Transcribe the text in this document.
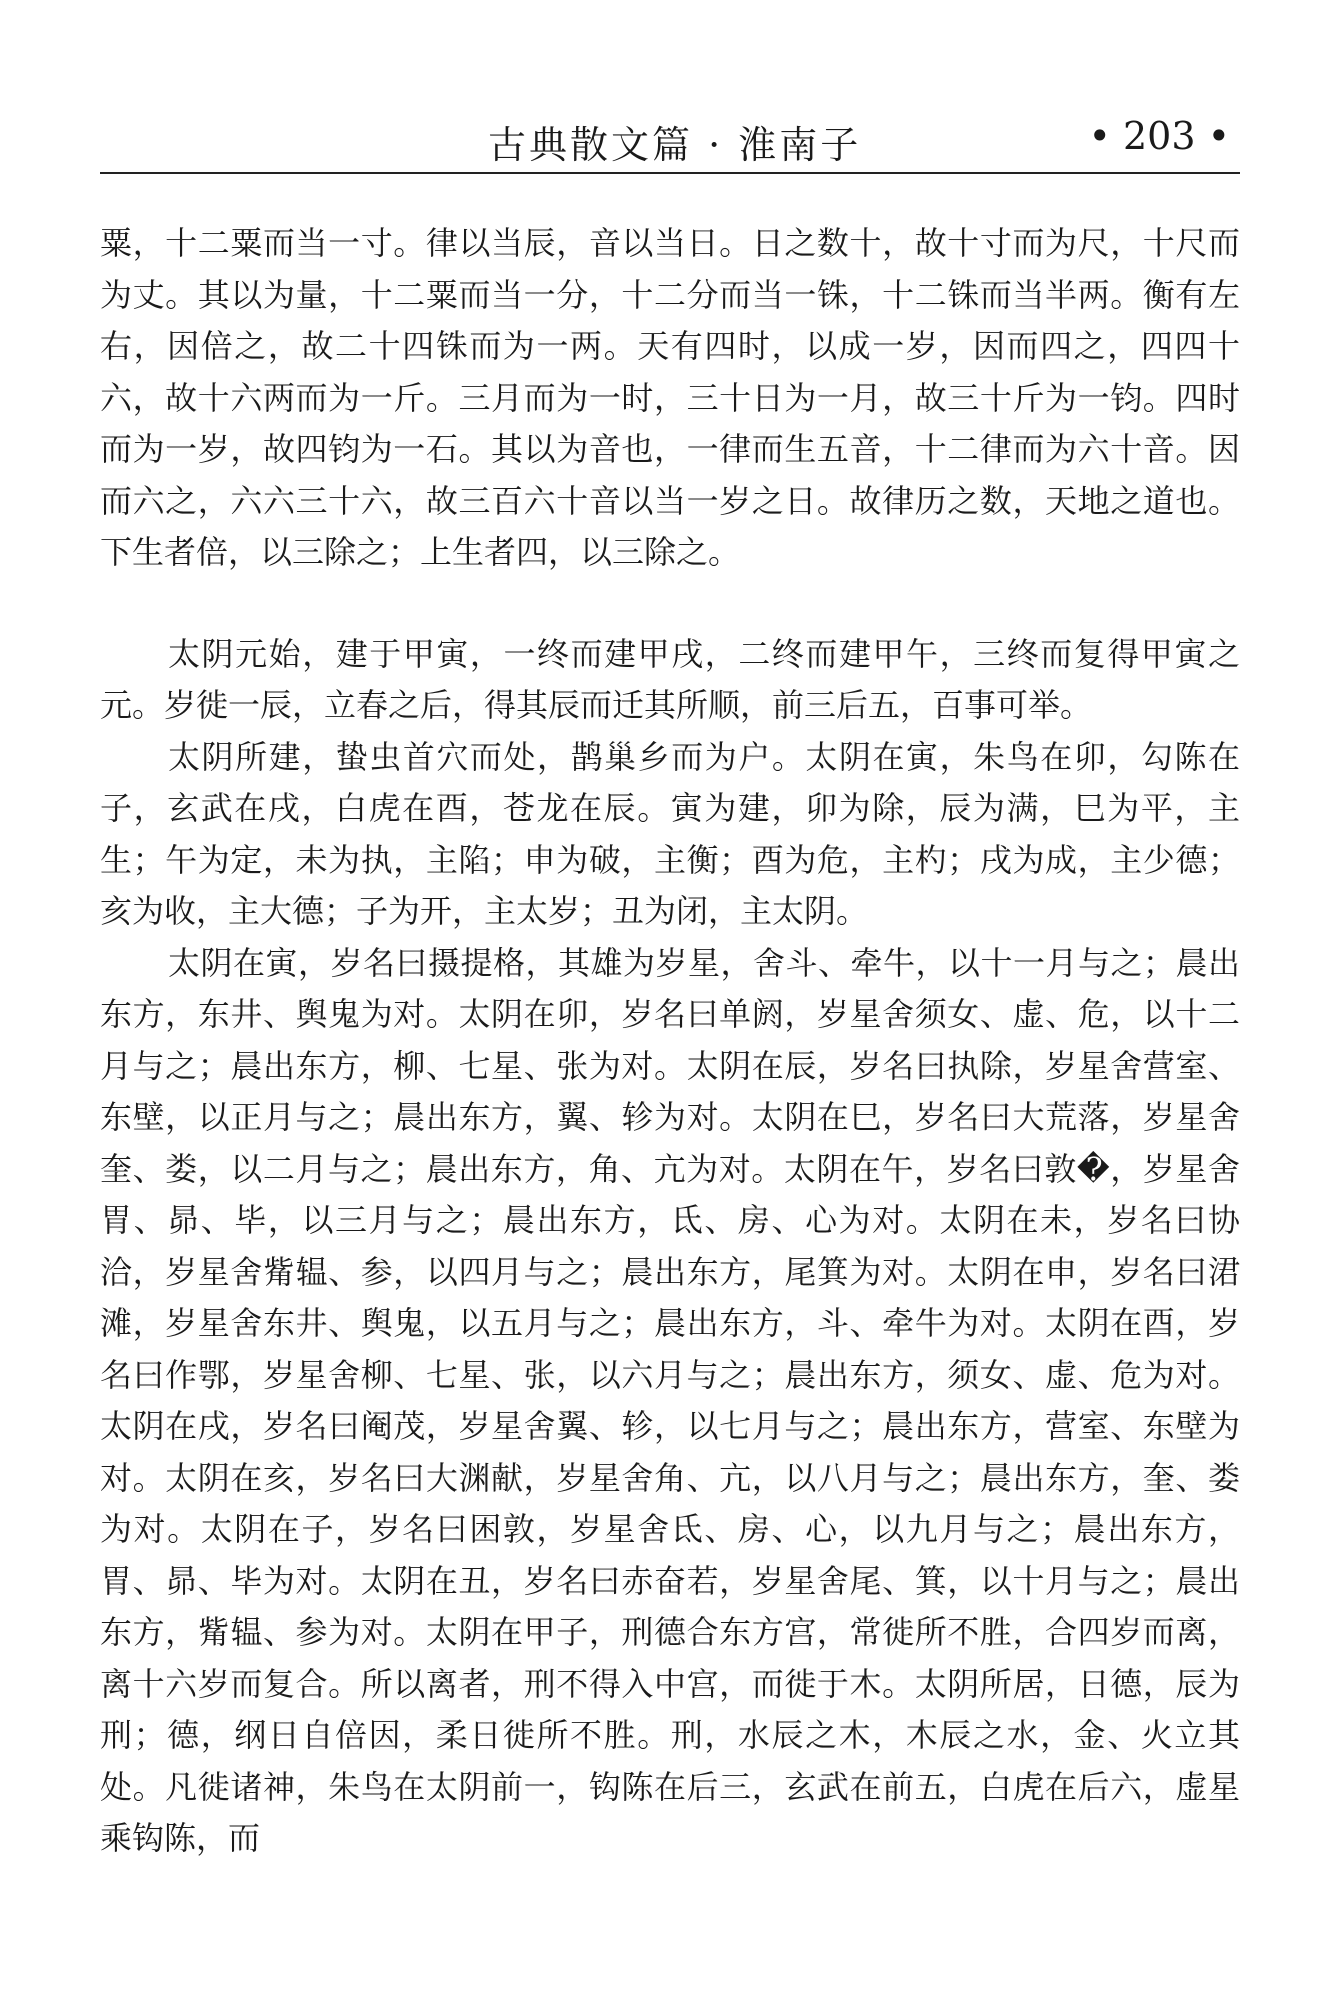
古典散文篇 · 淮南子	• 203 •

粟，十二粟而当一寸。律以当辰，音以当日。日之数十，故十寸而为尺，十尺而为丈。其以为量，十二粟而当一分，十二分而当一铢，十二铢而当半两。衡有左右，因倍之，故二十四铢而为一两。天有四时，以成一岁，因而四之，四四十六，故十六两而为一斤。三月而为一时，三十日为一月，故三十斤为一钧。四时而为一岁，故四钧为一石。其以为音也，一律而生五音，十二律而为六十音。因而六之，六六三十六，故三百六十音以当一岁之日。故律历之数，天地之道也。下生者倍，以三除之；上生者四，以三除之。

太阴元始，建于甲寅，一终而建甲戌，二终而建甲午，三终而复得甲寅之元。岁徙一辰，立春之后，得其辰而迁其所顺，前三后五，百事可举。

太阴所建，蛰虫首穴而处，鹊巢乡而为户。太阴在寅，朱鸟在卯，勾陈在子，玄武在戌，白虎在酉，苍龙在辰。寅为建，卯为除，辰为满，巳为平，主生；午为定，未为执，主陷；申为破，主衡；酉为危，主杓；戌为成，主少德；亥为收，主大德；子为开，主太岁；丑为闭，主太阴。

太阴在寅，岁名曰摄提格，其雄为岁星，舍斗、牵牛，以十一月与之；晨出东方，东井、舆鬼为对。太阴在卯，岁名曰单阏，岁星舍须女、虚、危，以十二月与之；晨出东方，柳、七星、张为对。太阴在辰，岁名曰执除，岁星舍营室、东壁，以正月与之；晨出东方，翼、轸为对。太阴在巳，岁名曰大荒落，岁星舍奎、娄，以二月与之；晨出东方，角、亢为对。太阴在午，岁名曰敦�，岁星舍胃、昴、毕，以三月与之；晨出东方，氐、房、心为对。太阴在未，岁名曰协洽，岁星舍觜辒、参，以四月与之；晨出东方，尾箕为对。太阴在申，岁名曰涒滩，岁星舍东井、舆鬼，以五月与之；晨出东方，斗、牵牛为对。太阴在酉，岁名曰作鄂，岁星舍柳、七星、张，以六月与之；晨出东方，须女、虚、危为对。太阴在戌，岁名曰阉茂，岁星舍翼、轸，以七月与之；晨出东方，营室、东壁为对。太阴在亥，岁名曰大渊献，岁星舍角、亢，以八月与之；晨出东方，奎、娄为对。太阴在子，岁名曰困敦，岁星舍氐、房、心，以九月与之；晨出东方，胃、昴、毕为对。太阴在丑，岁名曰赤奋若，岁星舍尾、箕，以十月与之；晨出东方，觜辒、参为对。太阴在甲子，刑德合东方宫，常徙所不胜，合四岁而离，离十六岁而复合。所以离者，刑不得入中宫，而徙于木。太阴所居，日德，辰为刑；德，纲日自倍因，柔日徙所不胜。刑，水辰之木，木辰之水，金、火立其处。凡徙诸神，朱鸟在太阴前一，钩陈在后三，玄武在前五，白虎在后六，虚星乘钩陈，而
